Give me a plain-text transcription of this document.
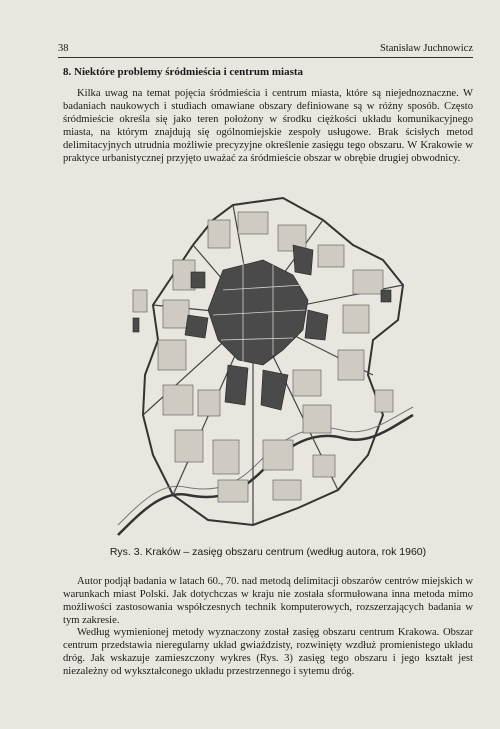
38	Stanisław Juchnowicz
8. Niektóre problemy śródmieścia i centrum miasta
Kilka uwag na temat pojęcia śródmieścia i centrum miasta, które są niejednoznaczne. W badaniach naukowych i studiach omawiane obszary definiowane są w różny sposób. Często śródmieście określa się jako teren położony w środku ciężkości układu komunikacyjnego miasta, na którym znajdują się ogólnomiejskie zespoły usługowe. Brak ścisłych metod delimitacyjnych utrudnia możliwie precyzyjne określenie zasięgu tego obszaru. W Krakowie w praktyce urbanistycznej przyjęto uważać za śródmieście obszar w obrębie drugiej obwodnicy.
Rys. 3. Kraków – zasięg obszaru centrum (według autora, rok 1960)
Autor podjął badania w latach 60., 70. nad metodą delimitacji obszarów centrów miejskich w warunkach miast Polski. Jak dotychczas w kraju nie została sformułowana inna metoda mimo możliwości zastosowania współczesnych technik komputerowych, rozszerzających badania w tym zakresie.
Według wymienionej metody wyznaczony został zasięg obszaru centrum Krakowa. Obszar centrum przedstawia nieregularny układ gwiaździsty, rozwinięty wzdłuż promienistego układu dróg. Jak wskazuje zamieszczony wykres (Rys. 3) zasięg tego obszaru i jego kształt jest niezależny od wykształconego układu przestrzennego i sytemu dróg.
